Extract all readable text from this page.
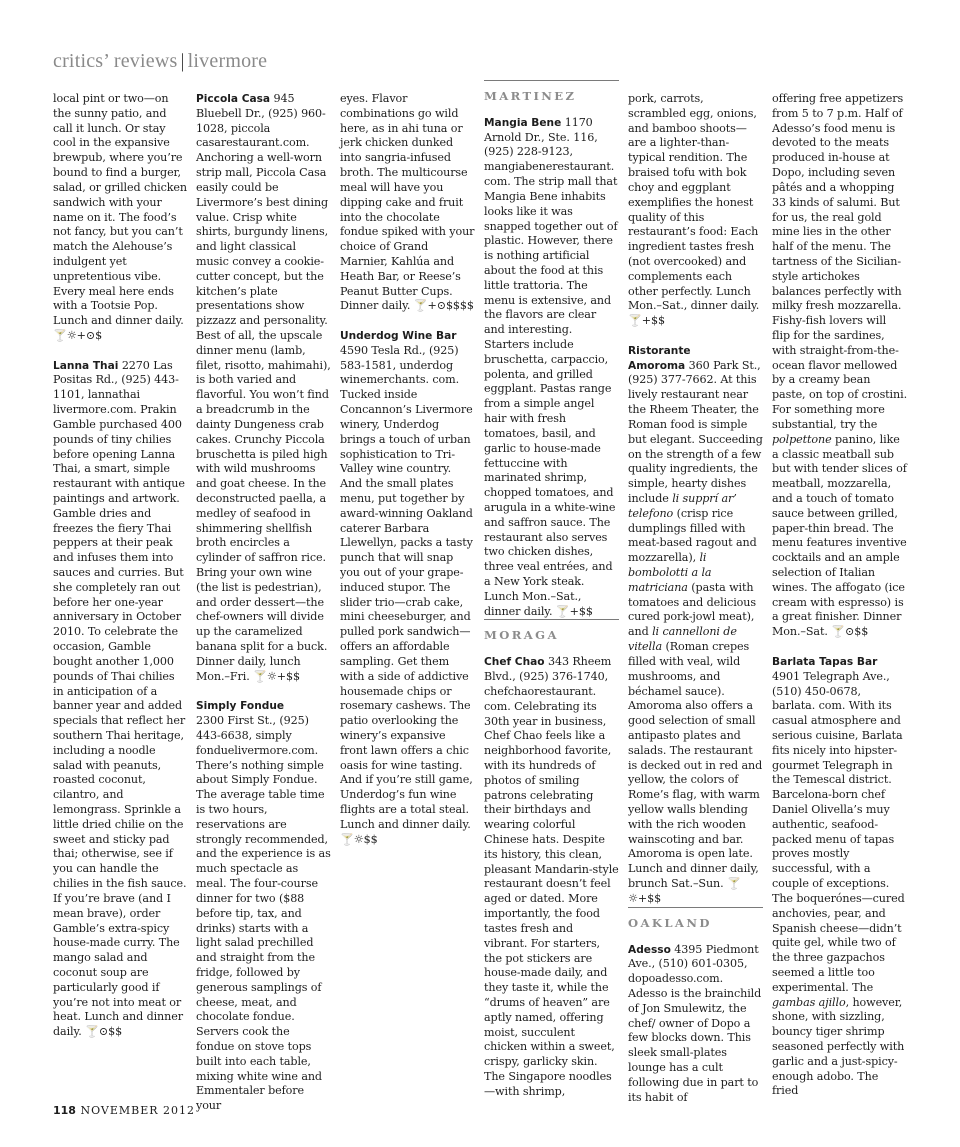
critics’ reviews | livermore

local pint or two—on the sunny patio, and call it lunch. Or stay cool in the expansive brewpub, where you’re bound to find a burger, salad, or grilled chicken sandwich with your name on it. The food’s not fancy, but you can’t match the Alehouse’s indulgent yet unpretentious vibe. Every meal here ends with a Tootsie Pop. Lunch and dinner daily. 🍸☼+⊙$

Lanna Thai 2270 Las Positas Rd., (925) 443-1101, lannathai livermore.com. Prakin Gamble purchased 400 pounds of tiny chilies before opening Lanna Thai, a smart, simple restaurant with antique paintings and artwork. Gamble dries and freezes the fiery Thai peppers at their peak and infuses them into sauces and curries. But she completely ran out before her one-year anniversary in October 2010. To celebrate the occasion, Gamble bought another 1,000 pounds of Thai chilies in anticipation of a banner year and added specials that reflect her southern Thai heritage, including a noodle salad with peanuts, roasted coconut, cilantro, and lemongrass. Sprinkle a little dried chilie on the sweet and sticky pad thai; otherwise, see if you can handle the chilies in the fish sauce. If you’re brave (and I mean brave), order Gamble’s extra-spicy house-made curry. The mango salad and coconut soup are particularly good if you’re not into meat or heat. Lunch and dinner daily. 🍸⊙$$

Piccola Casa 945 Bluebell Dr., (925) 960-1028, piccola casarestaurant.com. Anchoring a well-worn strip mall, Piccola Casa easily could be Livermore’s best dining value. Crisp white shirts, burgundy linens, and light classical music convey a cookie-cutter concept, but the kitchen’s plate presentations show pizzazz and personality. Best of all, the upscale dinner menu (lamb, filet, risotto, mahimahi), is both varied and flavorful. You won’t find a breadcrumb in the dainty Dungeness crab cakes. Crunchy Piccola bruschetta is piled high with wild mushrooms and goat cheese. In the deconstructed paella, a medley of seafood in shimmering shellfish broth encircles a cylinder of saffron rice. Bring your own wine (the list is pedestrian), and order dessert—the chef-owners will divide up the caramelized banana split for a buck. Dinner daily, lunch Mon.–Fri. 🍸☼+$$

Simply Fondue
2300 First St., (925) 443-6638, simply fonduelivermore.com. There’s nothing simple about Simply Fondue. The average table time is two hours, reservations are strongly recommended, and the experience is as much spectacle as meal. The four-course dinner for two ($88 before tip, tax, and drinks) starts with a light salad prechilled and straight from the fridge, followed by generous samplings of cheese, meat, and chocolate fondue. Servers cook the fondue on stove tops built into each table, mixing white wine and Emmentaler before your

eyes. Flavor combinations go wild here, as in ahi tuna or jerk chicken dunked into sangria-infused broth. The multicourse meal will have you dipping cake and fruit into the chocolate fondue spiked with your choice of Grand Marnier, Kahlúa and Heath Bar, or Reese’s Peanut Butter Cups. Dinner daily. 🍸+⊙$$$$

Underdog Wine Bar
4590 Tesla Rd., (925) 583-1581, underdog winemerchants. com. Tucked inside Concannon’s Livermore winery, Underdog brings a touch of urban sophistication to Tri-Valley wine country. And the small plates menu, put together by award-winning Oakland caterer Barbara Llewellyn, packs a tasty punch that will snap you out of your grape-induced stupor. The slider trio—crab cake, mini cheeseburger, and pulled pork sandwich—offers an affordable sampling. Get them with a side of addictive housemade chips or rosemary cashews. The patio overlooking the winery’s expansive front lawn offers a chic oasis for wine tasting. And if you’re still game, Underdog’s fun wine flights are a total steal. Lunch and dinner daily. 🍸☼$$

MARTINEZ

Mangia Bene 1170 Arnold Dr., Ste. 116, (925) 228-9123, mangiabenerestaurant. com. The strip mall that Mangia Bene inhabits looks like it was snapped together out of plastic. However, there is nothing artificial about the food at this little trattoria. The menu is extensive, and the flavors are clear and interesting. Starters include bruschetta, carpaccio, polenta, and grilled eggplant. Pastas range from a simple angel hair with fresh tomatoes, basil, and garlic to house-made fettuccine with marinated shrimp, chopped tomatoes, and arugula in a white-wine and saffron sauce. The restaurant also serves two chicken dishes, three veal entrées, and a New York steak. Lunch Mon.–Sat., dinner daily. 🍸+$$

MORAGA

Chef Chao 343 Rheem Blvd., (925) 376-1740, chefchaorestaurant. com. Celebrating its 30th year in business, Chef Chao feels like a neighborhood favorite, with its hundreds of photos of smiling patrons celebrating their birthdays and wearing colorful Chinese hats. Despite its history, this clean, pleasant Mandarin-style restaurant doesn’t feel aged or dated. More importantly, the food tastes fresh and vibrant. For starters, the pot stickers are house-made daily, and they taste it, while the “drums of heaven” are aptly named, offering moist, succulent chicken within a sweet, crispy, garlicky skin. The Singapore noodles—with shrimp,

pork, carrots, scrambled egg, onions, and bamboo shoots—are a lighter-than-typical rendition. The braised tofu with bok choy and eggplant exemplifies the honest quality of this restaurant’s food: Each ingredient tastes fresh (not overcooked) and complements each other perfectly. Lunch Mon.–Sat., dinner daily. 🍸+$$

Ristorante
Amoroma 360 Park St., (925) 377-7662. At this lively restaurant near the Rheem Theater, the Roman food is simple but elegant. Succeeding on the strength of a few quality ingredients, the simple, hearty dishes include li supprí ar’ telefono (crisp rice dumplings filled with meat-based ragout and mozzarella), li bombolotti a la matriciana (pasta with tomatoes and delicious cured pork-jowl meat), and li cannelloni de vitella (Roman crepes filled with veal, wild mushrooms, and béchamel sauce). Amoroma also offers a good selection of small antipasto plates and salads. The restaurant is decked out in red and yellow, the colors of Rome’s flag, with warm yellow walls blending with the rich wooden wainscoting and bar. Amoroma is open late. Lunch and dinner daily, brunch Sat.–Sun. 🍸☼+$$

OAKLAND

Adesso 4395 Piedmont Ave., (510) 601-0305, dopoadesso.com. Adesso is the brainchild of Jon Smulewitz, the chef/ owner of Dopo a few blocks down. This sleek small-plates lounge has a cult following due in part to its habit of

offering free appetizers from 5 to 7 p.m. Half of Adesso’s food menu is devoted to the meats produced in-house at Dopo, including seven pâtés and a whopping 33 kinds of salumi. But for us, the real gold mine lies in the other half of the menu. The tartness of the Sicilian-style artichokes balances perfectly with milky fresh mozzarella. Fishy-fish lovers will flip for the sardines, with straight-from-the-ocean flavor mellowed by a creamy bean paste, on top of crostini. For something more substantial, try the polpettone panino, like a classic meatball sub but with tender slices of meatball, mozzarella, and a touch of tomato sauce between grilled, paper-thin bread. The menu features inventive cocktails and an ample selection of Italian wines. The affogato (ice cream with espresso) is a great finisher. Dinner Mon.–Sat. 🍸⊙$$

Barlata Tapas Bar
4901 Telegraph Ave., (510) 450-0678, barlata. com. With its casual atmosphere and serious cuisine, Barlata fits nicely into hipster-gourmet Telegraph in the Temescal district. Barcelona-born chef Daniel Olivella’s muy authentic, seafood-packed menu of tapas proves mostly successful, with a couple of exceptions. The boquerónes—cured anchovies, pear, and Spanish cheese—didn’t quite gel, while two of the three gazpachos seemed a little too experimental. The gambas ajillo, however, shone, with sizzling, bouncy tiger shrimp seasoned perfectly with garlic and a just-spicy-enough adobo. The fried

118 NOVEMBER 2012
